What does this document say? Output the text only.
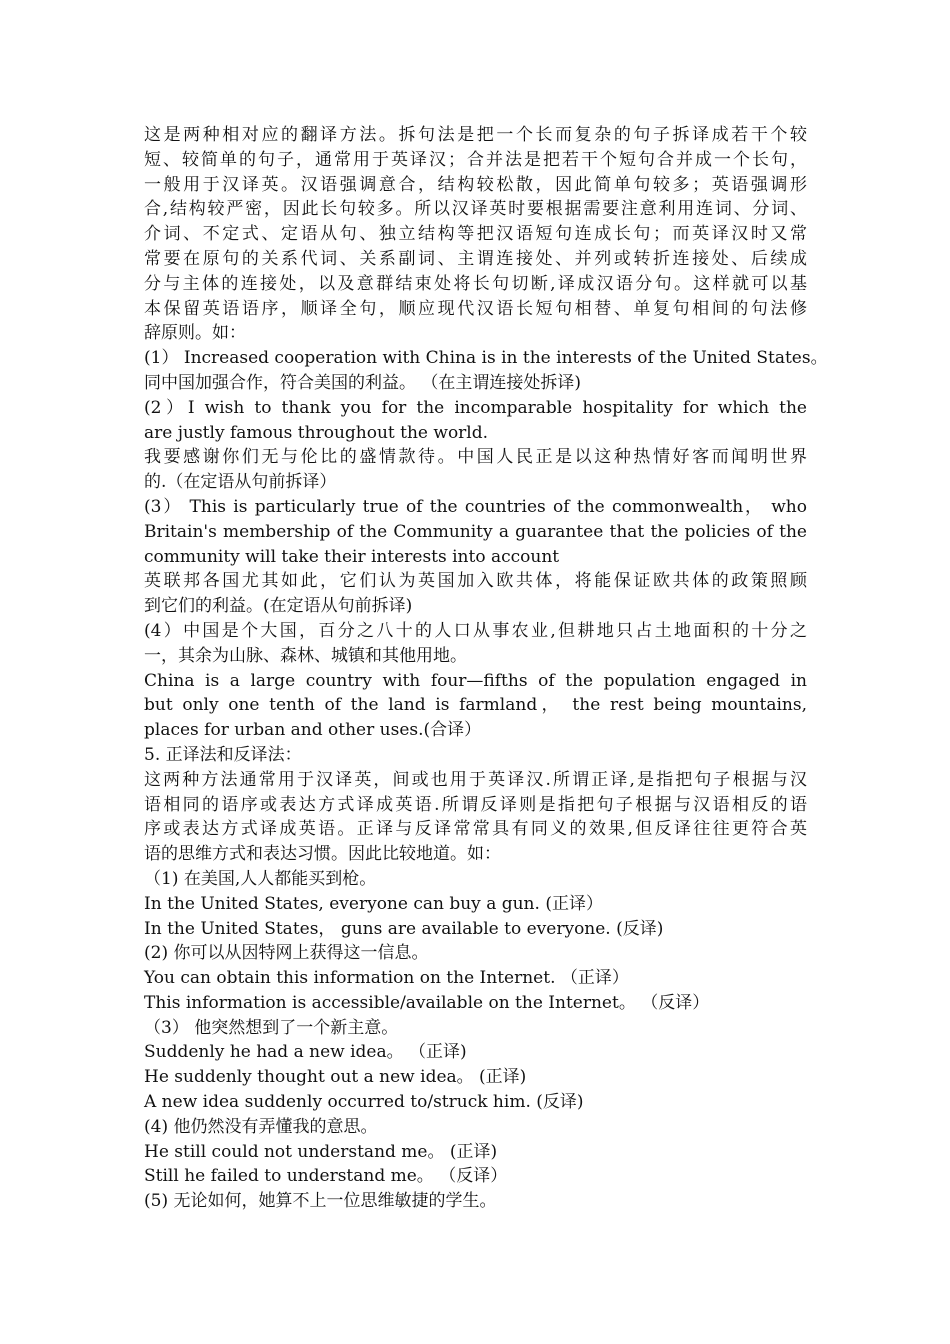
这是两种相对应的翻译方法。拆句法是把一个长而复杂的句子拆译成若干个较
短、较简单的句子，通常用于英译汉；合并法是把若干个短句合并成一个长句，
一般用于汉译英。汉语强调意合，结构较松散，因此简单句较多；英语强调形
合,结构较严密，因此长句较多。所以汉译英时要根据需要注意利用连词、分词、
介词、不定式、定语从句、独立结构等把汉语短句连成长句；而英译汉时又常
常要在原句的关系代词、关系副词、主谓连接处、并列或转折连接处、后续成
分与主体的连接处，以及意群结束处将长句切断,译成汉语分句。这样就可以基
本保留英语语序，顺译全句，顺应现代汉语长短句相替、单复句相间的句法修
辞原则。如：
(1） Increased cooperation with China is in the interests of the United States。
同中国加强合作，符合美国的利益。 （在主谓连接处拆译)
(2）I wish to thank you for the incomparable hospitality for which the
are justly famous throughout the world.
我要感谢你们无与伦比的盛情款待。中国人民正是以这种热情好客而闻明世界
的.（在定语从句前拆译）
(3） This is particularly true of the countries of the commonwealth， who
Britain's membership of the Community a guarantee that the policies of the
community will take their interests into account
英联邦各国尤其如此，它们认为英国加入欧共体，将能保证欧共体的政策照顾
到它们的利益。(在定语从句前拆译)
(4）中国是个大国，百分之八十的人口从事农业,但耕地只占土地面积的十分之
一，其余为山脉、森林、城镇和其他用地。
China is a large country with four—fifths of the population engaged in
but only one tenth of the land is farmland， the rest being mountains,
places for urban and other uses.(合译）
5. 正译法和反译法：
这两种方法通常用于汉译英，间或也用于英译汉.所谓正译,是指把句子根据与汉
语相同的语序或表达方式译成英语.所谓反译则是指把句子根据与汉语相反的语
序或表达方式译成英语。正译与反译常常具有同义的效果,但反译往往更符合英
语的思维方式和表达习惯。因此比较地道。如：
（1) 在美国,人人都能买到枪。
In the United States, everyone can buy a gun. (正译）
In the United States， guns are available to everyone. (反译)
(2) 你可以从因特网上获得这一信息。
You can obtain this information on the Internet. （正译）
This information is accessible/available on the Internet。 （反译）
（3） 他突然想到了一个新主意。
Suddenly he had a new idea。 （正译)
He suddenly thought out a new idea。 (正译)
A new idea suddenly occurred to/struck him. (反译)
(4) 他仍然没有弄懂我的意思。
He still could not understand me。 (正译)
Still he failed to understand me。 （反译）
(5) 无论如何，她算不上一位思维敏捷的学生。
